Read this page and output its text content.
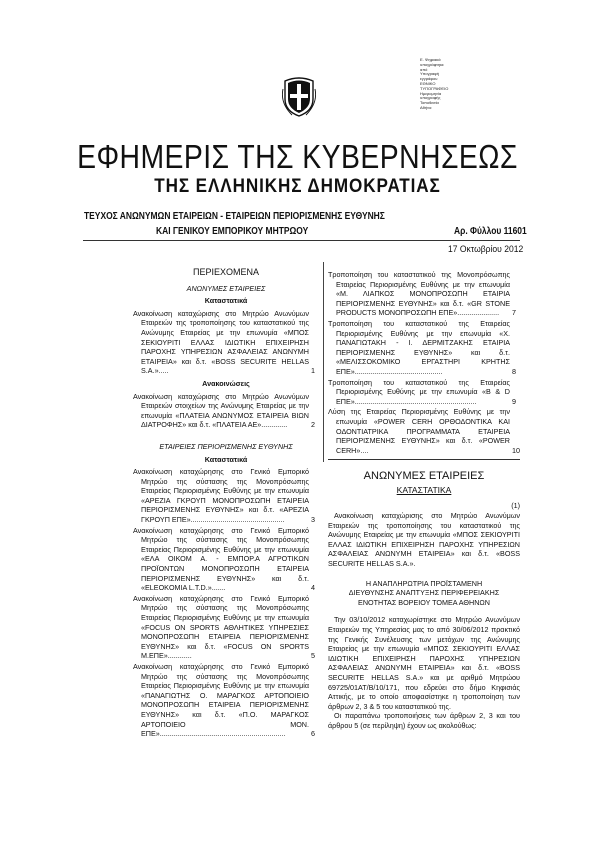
Ε. Ψηφιακά
υπογράφτηκε
από
Υπογραφή
εγγράφου
ΕΘΝΙΚΟ
ΤΥΠΟΓΡΑΦΕΙΟ
Ημερομηνία
υπογραφής
Τοποθεσία
Αθήνα
ΕΦΗΜΕΡΙΣ ΤΗΣ ΚΥΒΕΡΝΗΣΕΩΣ
ΤΗΣ ΕΛΛΗΝΙΚΗΣ ΔΗΜΟΚΡΑΤΙΑΣ
ΤΕΥΧΟΣ ΑΝΩΝΥΜΩΝ ΕΤΑΙΡΕΙΩΝ - ΕΤΑΙΡΕΙΩΝ ΠΕΡΙΟΡΙΣΜΕΝΗΣ ΕΥΘΥΝΗΣ
ΚΑΙ ΓΕΝΙΚΟΥ ΕΜΠΟΡΙΚΟΥ ΜΗΤΡΩΟΥ	Αρ. Φύλλου 11601
17 Οκτωβρίου 2012
ΠΕΡΙΕΧΟΜΕΝΑ
ΑΝΩΝΥΜΕΣ ΕΤΑΙΡΕΙΕΣ
Καταστατικά
Ανακοίνωση καταχώρισης στο Μητρώο Ανωνύμων Εταιρειών της τροποποίησης του καταστατικού της Ανώνυμης Εταιρείας με την επωνυμία «ΜΠΟΣ ΣΕΚΙΟΥΡΙΤΙ ΕΛΛΑΣ ΙΔΙΩΤΙΚΗ ΕΠΙΧΕΙΡΗΣΗ ΠΑΡΟΧΗΣ ΥΠΗΡΕΣΙΩΝ ΑΣΦΑΛΕΙΑΣ ΑΝΩΝΥΜΗ ΕΤΑΙΡΕΙΑ» και δ.τ. «BOSS SECURITE HELLAS S.A.».....	1
Ανακοινώσεις
Ανακοίνωση καταχώρισης στο Μητρώο Ανωνύμων Εταιρειών στοιχείων της Ανώνυμης Εταιρείας με την επωνυμία «ΠΛΑΤΕΙΑ ΑΝΩΝΥΜΟΣ ΕΤΑΙΡΕΙΑ ΒΙΩΝ ΔΙΑΤΡΟΦΗΣ» και δ.τ. «ΠΛΑΤΕΙΑ ΑΕ».............	2
ΕΤΑΙΡΕΙΕΣ ΠΕΡΙΟΡΙΣΜΕΝΗΣ ΕΥΘΥΝΗΣ
Καταστατικά
Ανακοίνωση καταχώρησης στο Γενικό Εμπορικό Μητρώο της σύστασης της Μονοπρόσωπης Εταιρείας Περιορισμένης Ευθύνης με την επωνυμία «ΑΡΕΖΙΑ ΓΚΡΟΥΠ ΜΟΝΟΠΡΟΣΩΠΗ ΕΤΑΙΡΕΙΑ ΠΕΡΙΟΡΙΣΜΕΝΗΣ ΕΥΘΥΝΗΣ» και δ.τ. «ΑΡΕΖΙΑ ΓΚΡΟΥΠ ΕΠΕ»...............................................	3
Ανακοίνωση καταχώρησης στο Γενικό Εμπορικό Μητρώο της σύστασης της Μονοπρόσωπης Εταιρείας Περιορισμένης Ευθύνης με την επωνυμία «ΕΛΑ ΟΙΚΟΜ Α. - ΕΜΠΟΡ.Α ΑΓΡΟΤΙΚΩΝ ΠΡΟΪΟΝΤΩΝ ΜΟΝΟΠΡΟΣΩΠΗ ΕΤΑΙΡΕΙΑ ΠΕΡΙΟΡΙΣΜΕΝΗΣ ΕΥΘΥΝΗΣ» και δ.τ. «ELEOKOMIA L.T.D.».......	4
Ανακοίνωση καταχώρησης στο Γενικό Εμπορικό Μητρώο της σύστασης της Μονοπρόσωπης Εταιρείας Περιορισμένης Ευθύνης με την επωνυμία «FOCUS ON SPORTS ΑΘΛΗΤΙΚΕΣ ΥΠΗΡΕΣΙΕΣ ΜΟΝΟΠΡΟΣΩΠΗ ΕΤΑΙΡΕΙΑ ΠΕΡΙΟΡΙΣΜΕΝΗΣ ΕΥΘΥΝΗΣ» και δ.τ. «FOCUS ON SPORTS M.ΕΠΕ»............	5
Ανακοίνωση καταχώρησης στο Γενικό Εμπορικό Μητρώο της σύστασης της Μονοπρόσωπης Εταιρείας Περιορισμένης Ευθύνης με την επωνυμία «ΠΑΝΑΓΙΩΤΗΣ Ο. ΜΑΡΑΓΚΟΣ ΑΡΤΟΠΟΙΕΙΟ ΜΟΝΟΠΡΟΣΩΠΗ ΕΤΑΙΡΕΙΑ ΠΕΡΙΟΡΙΣΜΕΝΗΣ ΕΥΘΥΝΗΣ» και δ.τ. «Π.Ο. ΜΑΡΑΓΚΟΣ ΑΡΤΟΠΟΙΕΙΟ ΜΟΝ. ΕΠΕ»...............................................................	6
Τροποποίηση του καταστατικού της Μονοπρόσωπης Εταιρείας Περιορισμένης Ευθύνης με την επωνυμία «Μ. ΛΙΑΠΚΟΣ ΜΟΝΟΠΡΟΣΩΠΗ ΕΤΑΙΡΙΑ ΠΕΡΙΟΡΙΣΜΕΝΗΣ ΕΥΘΥΝΗΣ» και δ.τ. «GR STONE PRODUCTS ΜΟΝΟΠΡΟΣΩΠΗ ΕΠΕ»..................... 7
Τροποποίηση του καταστατικού της Εταιρείας Περιορισμένης Ευθύνης με την επωνυμία «Χ. ΠΑΝΑΓΙΩΤΑΚΗ - Ι. ΔΕΡΜΙΤΖΑΚΗΣ ΕΤΑΙΡΙΑ ΠΕΡΙΟΡΙΣΜΕΝΗΣ ΕΥΘΥΝΗΣ» και δ.τ. «ΜΕΛΙΣΣΟΚΟΜΙΚΟ ΕΡΓΑΣΤΗΡΙ ΚΡΗΤΗΣ ΕΠΕ»............................................	8
Τροποποίηση του καταστατικού της Εταιρείας Περιορισμένης Ευθύνης με την επωνυμία «Β & D ΕΠΕ».............................................................	9
Λύση της Εταιρείας Περιορισμένης Ευθύνης με την επωνυμία «POWER CERH ΟΡΘΟΔΟΝΤΙΚΑ ΚΑΙ ΟΔΟΝΤΙΑΤΡΙΚΑ ΠΡΟΓΡΑΜΜΑΤΑ ΕΤΑΙΡΕΙΑ ΠΕΡΙΟΡΙΣΜΕΝΗΣ ΕΥΘΥΝΗΣ» και δ.τ. «POWER CERH»....	10
ΑΝΩΝΥΜΕΣ ΕΤΑΙΡΕΙΕΣ
ΚΑΤΑΣΤΑΤΙΚΑ
(1)
Ανακοίνωση καταχώρισης στο Μητρώο Ανωνύμων Εταιρειών της τροποποίησης του καταστατικού της Ανώνυμης Εταιρείας με την επωνυμία «ΜΠΟΣ ΣΕΚΙΟΥΡΙΤΙ ΕΛΛΑΣ ΙΔΙΩΤΙΚΗ ΕΠΙΧΕΙΡΗΣΗ ΠΑΡΟΧΗΣ ΥΠΗΡΕΣΙΩΝ ΑΣΦΑΛΕΙΑΣ ΑΝΩΝΥΜΗ ΕΤΑΙΡΕΙΑ» και δ.τ. «BOSS SECURITE HELLAS S.A.».
Η ΑΝΑΠΛΗΡΩΤΡΙΑ ΠΡΟΪΣΤΑΜΕΝΗ
ΔΙΕΥΘΥΝΣΗΣ ΑΝΑΠΤΥΞΗΣ ΠΕΡΙΦΕΡΕΙΑΚΗΣ
ΕΝΟΤΗΤΑΣ ΒΟΡΕΙΟΥ ΤΟΜΕΑ ΑΘΗΝΩΝ
Την 03/10/2012 καταχωρίστηκε στο Μητρώο Ανωνύμων Εταιρειών της Υπηρεσίας μας το από 30/06/2012 πρακτικό της Γενικής Συνέλευσης των μετόχων της Ανώνυμης Εταιρείας με την επωνυμία «ΜΠΟΣ ΣΕΚΙΟΥΡΙΤΙ ΕΛΛΑΣ ΙΔΙΩΤΙΚΗ ΕΠΙΧΕΙΡΗΣΗ ΠΑΡΟΧΗΣ ΥΠΗΡΕΣΙΩΝ ΑΣΦΑΛΕΙΑΣ ΑΝΩΝΥΜΗ ΕΤΑΙΡΕΙΑ» και δ.τ. «BOSS SECURITE HELLAS S.A.» και με αριθμό Μητρώου 69725/01ΑΤ/Β/10/171, που εδρεύει στο δήμο Κηφισιάς Αττικής, με το οποίο αποφασίστηκε η τροποποίηση των άρθρων 2, 3 & 5 του καταστατικού της.
Οι παραπάνω τροποποιήσεις των άρθρων 2, 3 και του άρθρου 5 (σε περίληψη) έχουν ως ακολούθως:
